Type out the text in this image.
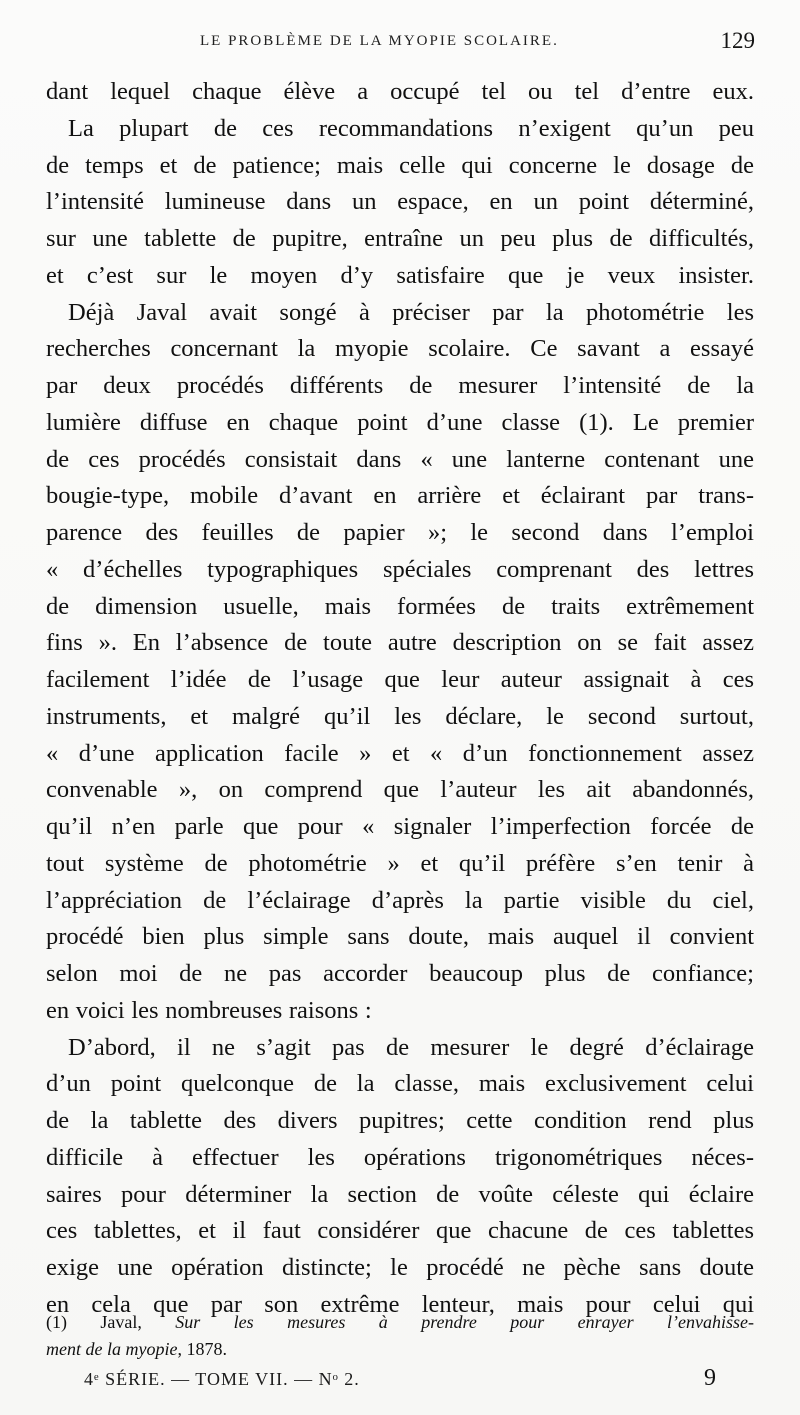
LE PROBLÈME DE LA MYOPIE SCOLAIRE.	129
dant lequel chaque élève a occupé tel ou tel d’entre eux.
La plupart de ces recommandations n’exigent qu’un peu
de temps et de patience; mais celle qui concerne le dosage de
l’intensité lumineuse dans un espace, en un point déterminé,
sur une tablette de pupitre, entraîne un peu plus de difficultés,
et c’est sur le moyen d’y satisfaire que je veux insister.
Déjà Javal avait songé à préciser par la photométrie les
recherches concernant la myopie scolaire. Ce savant a essayé
par deux procédés différents de mesurer l’intensité de la
lumière diffuse en chaque point d’une classe (1). Le premier
de ces procédés consistait dans « une lanterne contenant une
bougie-type, mobile d’avant en arrière et éclairant par trans-
parence des feuilles de papier »; le second dans l’emploi
« d’échelles typographiques spéciales comprenant des lettres
de dimension usuelle, mais formées de traits extrêmement
fins ». En l’absence de toute autre description on se fait assez
facilement l’idée de l’usage que leur auteur assignait à ces
instruments, et malgré qu’il les déclare, le second surtout,
« d’une application facile » et « d’un fonctionnement assez
convenable », on comprend que l’auteur les ait abandonnés,
qu’il n’en parle que pour « signaler l’imperfection forcée de
tout système de photométrie » et qu’il préfère s’en tenir à
l’appréciation de l’éclairage d’après la partie visible du ciel,
procédé bien plus simple sans doute, mais auquel il convient
selon moi de ne pas accorder beaucoup plus de confiance;
en voici les nombreuses raisons :
D’abord, il ne s’agit pas de mesurer le degré d’éclairage
d’un point quelconque de la classe, mais exclusivement celui
de la tablette des divers pupitres; cette condition rend plus
difficile à effectuer les opérations trigonométriques néces-
saires pour déterminer la section de voûte céleste qui éclaire
ces tablettes, et il faut considérer que chacune de ces tablettes
exige une opération distincte; le procédé ne pèche sans doute
en cela que par son extrême lenteur, mais pour celui qui
(1) Javal, Sur les mesures à prendre pour enrayer l’envahisse-
ment de la myopie, 1878.
4ᵉ SÉRIE. — TOME VII. — Nᵒ 2.	9
